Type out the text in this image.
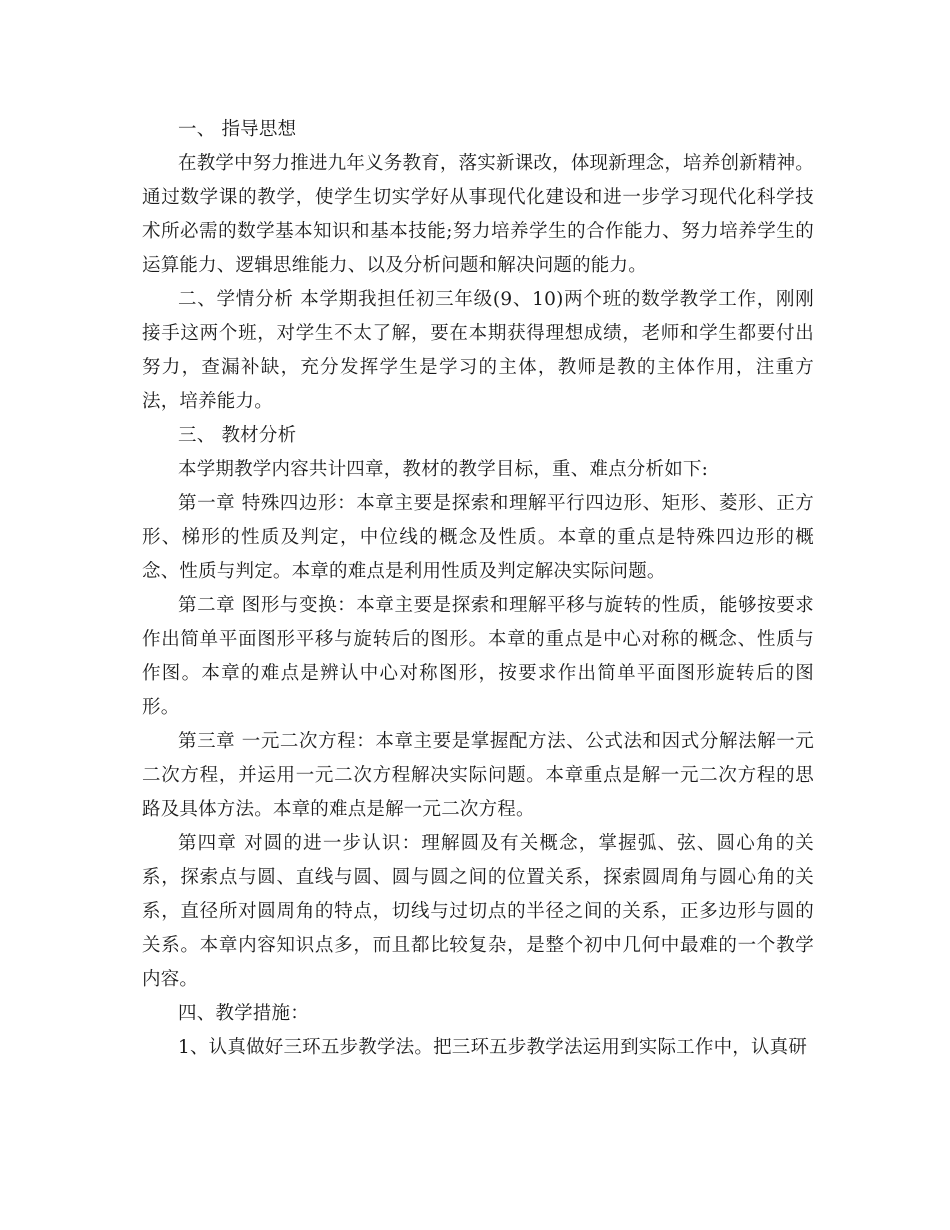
一、 指导思想

在教学中努力推进九年义务教育，落实新课改，体现新理念，培养创新精神。通过数学课的教学，使学生切实学好从事现代化建设和进一步学习现代化科学技术所必需的数学基本知识和基本技能;努力培养学生的合作能力、努力培养学生的运算能力、逻辑思维能力、以及分析问题和解决问题的能力。

二、学情分析 本学期我担任初三年级(9、10)两个班的数学教学工作，刚刚接手这两个班，对学生不太了解，要在本期获得理想成绩，老师和学生都要付出努力，查漏补缺，充分发挥学生是学习的主体，教师是教的主体作用，注重方法，培养能力。

三、 教材分析

本学期教学内容共计四章，教材的教学目标，重、难点分析如下:

第一章 特殊四边形：本章主要是探索和理解平行四边形、矩形、菱形、正方形、梯形的性质及判定，中位线的概念及性质。本章的重点是特殊四边形的概念、性质与判定。本章的难点是利用性质及判定解决实际问题。

第二章 图形与变换：本章主要是探索和理解平移与旋转的性质，能够按要求作出简单平面图形平移与旋转后的图形。本章的重点是中心对称的概念、性质与作图。本章的难点是辨认中心对称图形，按要求作出简单平面图形旋转后的图形。

第三章 一元二次方程：本章主要是掌握配方法、公式法和因式分解法解一元二次方程，并运用一元二次方程解决实际问题。本章重点是解一元二次方程的思路及具体方法。本章的难点是解一元二次方程。

第四章 对圆的进一步认识：理解圆及有关概念，掌握弧、弦、圆心角的关系，探索点与圆、直线与圆、圆与圆之间的位置关系，探索圆周角与圆心角的关系，直径所对圆周角的特点，切线与过切点的半径之间的关系，正多边形与圆的关系。本章内容知识点多，而且都比较复杂，是整个初中几何中最难的一个教学内容。

四、教学措施：

1、认真做好三环五步教学法。把三环五步教学法运用到实际工作中，认真研
